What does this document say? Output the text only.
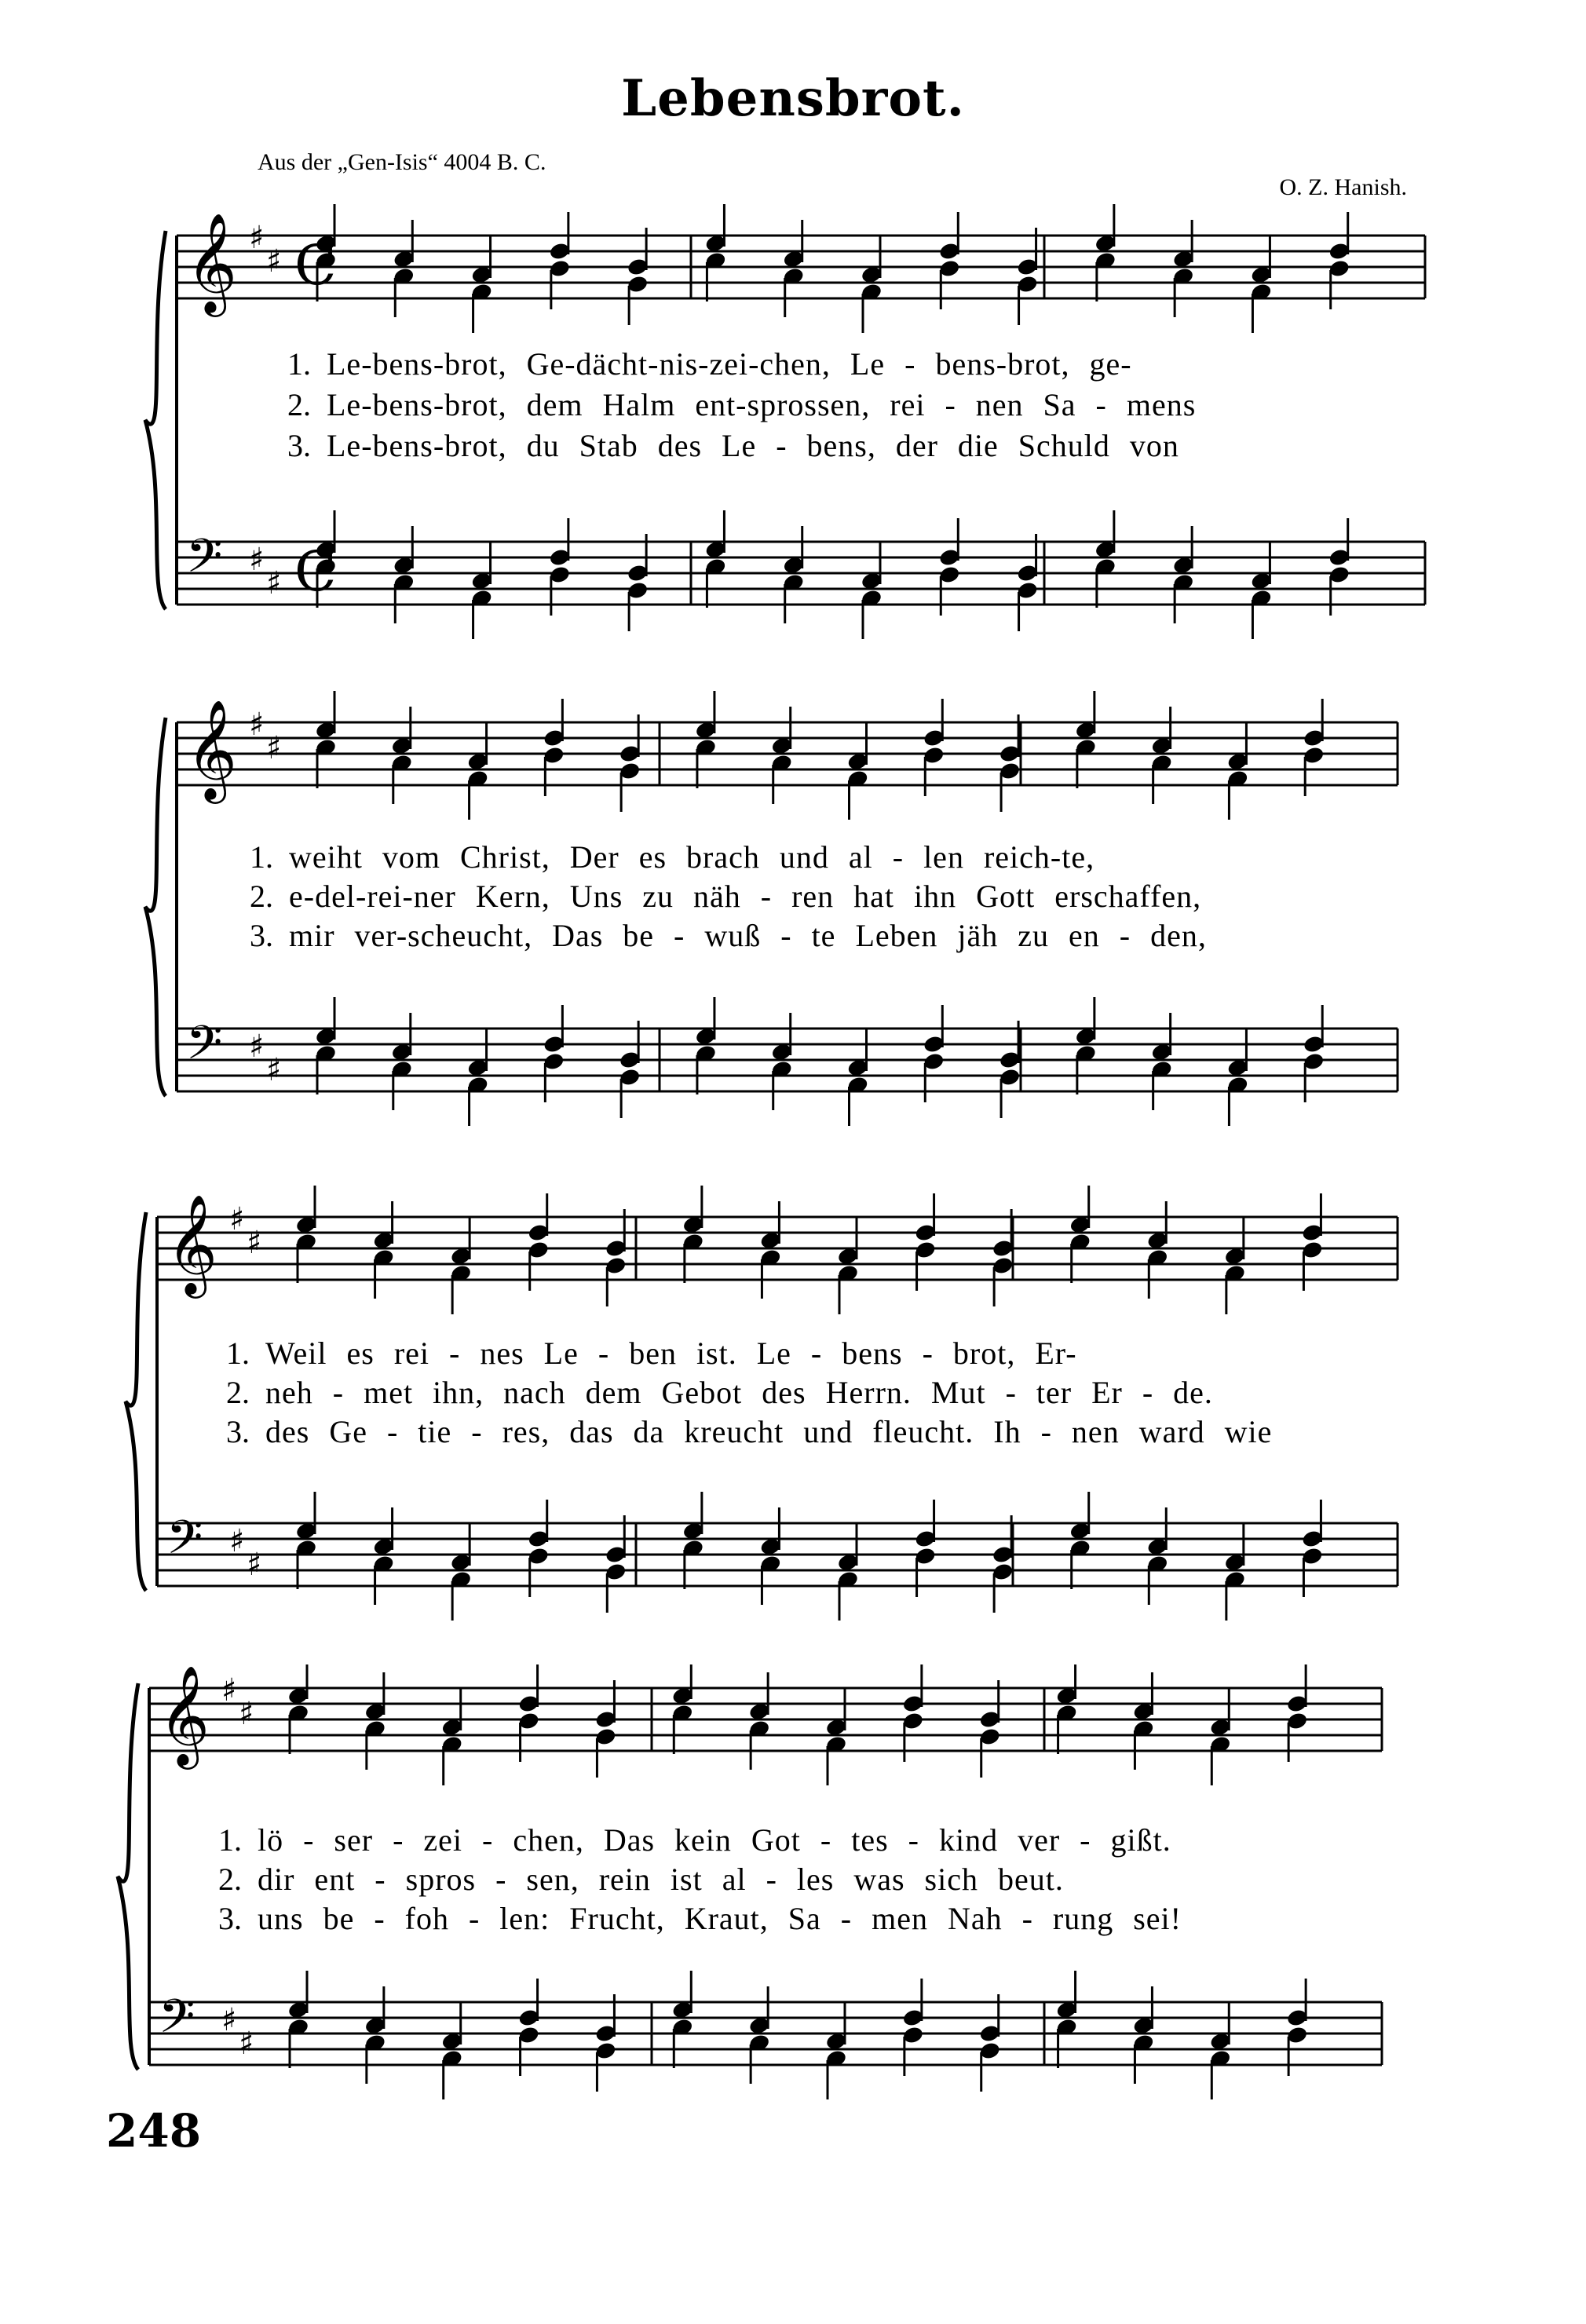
Lebensbrot.
Aus der „Gen-Isis“ 4004 B. C.
O. Z. Hanish.
𝄞 ♯
♯
𝄢 ♯
♯
C
C
1. Le-bens-brot, Ge-dächt-nis-zei-chen, Le - bens-brot, ge-
2. Le-bens-brot, dem Halm ent-sprossen, rei - nen Sa - mens
3. Le-bens-brot, du Stab des Le - bens, der die Schuld von
𝄞 ♯
♯
𝄢 ♯
♯
1. weiht vom Christ, Der es brach und al - len reich-te,
2. e-del-rei-ner Kern, Uns zu näh - ren hat ihn Gott erschaffen,
3. mir ver-scheucht, Das be - wuß - te Leben jäh zu en - den,
𝄞 ♯
♯
𝄢 ♯
♯
1. Weil es rei - nes Le - ben ist. Le - bens - brot, Er-
2. neh - met ihn, nach dem Gebot des Herrn. Mut - ter Er - de.
3. des Ge - tie - res, das da kreucht und fleucht. Ih - nen ward wie
𝄞 ♯
♯
𝄢 ♯
♯
1. lö - ser - zei - chen, Das kein Got - tes - kind ver - gißt.
2. dir ent - spros - sen, rein ist al - les was sich beut.
3. uns be - foh - len: Frucht, Kraut, Sa - men Nah - rung sei!
248
